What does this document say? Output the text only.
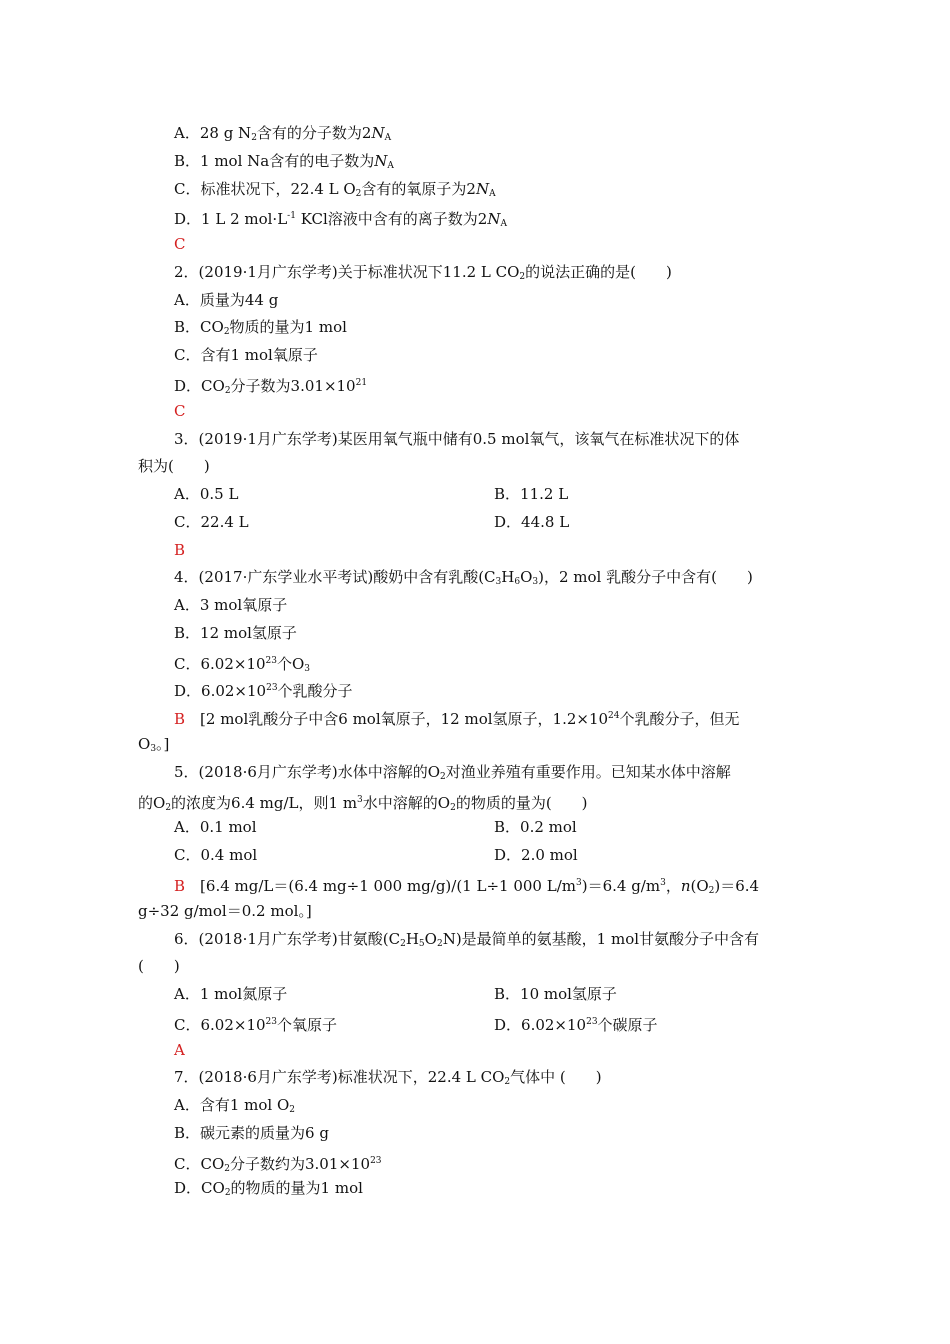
A．28 g $N_2$含有的分子数为$2N_A$
B．1 mol Na含有的电子数为$N_A$
C．标准状况下，22.4 L $O_2$含有的氧原子为$2N_A$
D．1 L 2 $mol\cdot L^{-1}$ KCl溶液中含有的离子数为$2N_A$
C
2．(2019·1月广东学考)关于标准状况下11.2 L $CO_2$的说法正确的是(　　)
A．质量为44 g
B．$CO_2$物质的量为1 mol
C．含有1 mol氧原子
D．$CO_2$分子数为$3.01\times 10^{21}$
C
3．(2019·1月广东学考)某医用氧气瓶中储有0.5 mol氧气，该氧气在标准状况下的体
积为(　　)
A．0.5 L	B．11.2 L
C．22.4 L	D．44.8 L
B
4．(2017·广东学业水平考试)酸奶中含有乳酸$(C_3H_6O_3)$，2 mol 乳酸分子中含有(　　)
A．3 mol氧原子
B．12 mol氢原子
C．$6.02\times 10^{23}$个$O_3$
D．$6.02\times 10^{23}$个乳酸分子
B　 [2 mol乳酸分子中含6 mol氧原子，12 mol氢原子，$1.2\times 10^{24}$个乳酸分子，但无
$O_3$。]
5．(2018·6月广东学考)水体中溶解的$O_2$对渔业养殖有重要作用。已知某水体中溶解
的$O_2$的浓度为6.4 mg/L，则1 $m^3$水中溶解的$O_2$的物质的量为(　　)
A．0.1 mol	B．0.2 mol
C．0.4 mol	D．2.0 mol
B　 [6.4 mg/L＝(6.4 mg÷1 000 mg/g)/(1 L÷1 000 $L/m^3)=6.4$ $g/m^3$，$n(O_2)=6.4$
g÷32 g/mol＝0.2 mol。]
6．(2018·1月广东学考)甘氨酸$(C_2H_5O_2N)$是最简单的氨基酸，1 mol甘氨酸分子中含有
(　　)
A．1 mol氮原子	B．10 mol氢原子
C．$6.02\times 10^{23}$个氧原子	D．$6.02\times 10^{23}$个碳原子
A
7．(2018·6月广东学考)标准状况下，22.4 L $CO_2$气体中 (　　)
A．含有1 mol $O_2$
B．碳元素的质量为6 g
C．$CO_2$分子数约为$3.01\times 10^{23}$
D．$CO_2$的物质的量为1 mol
